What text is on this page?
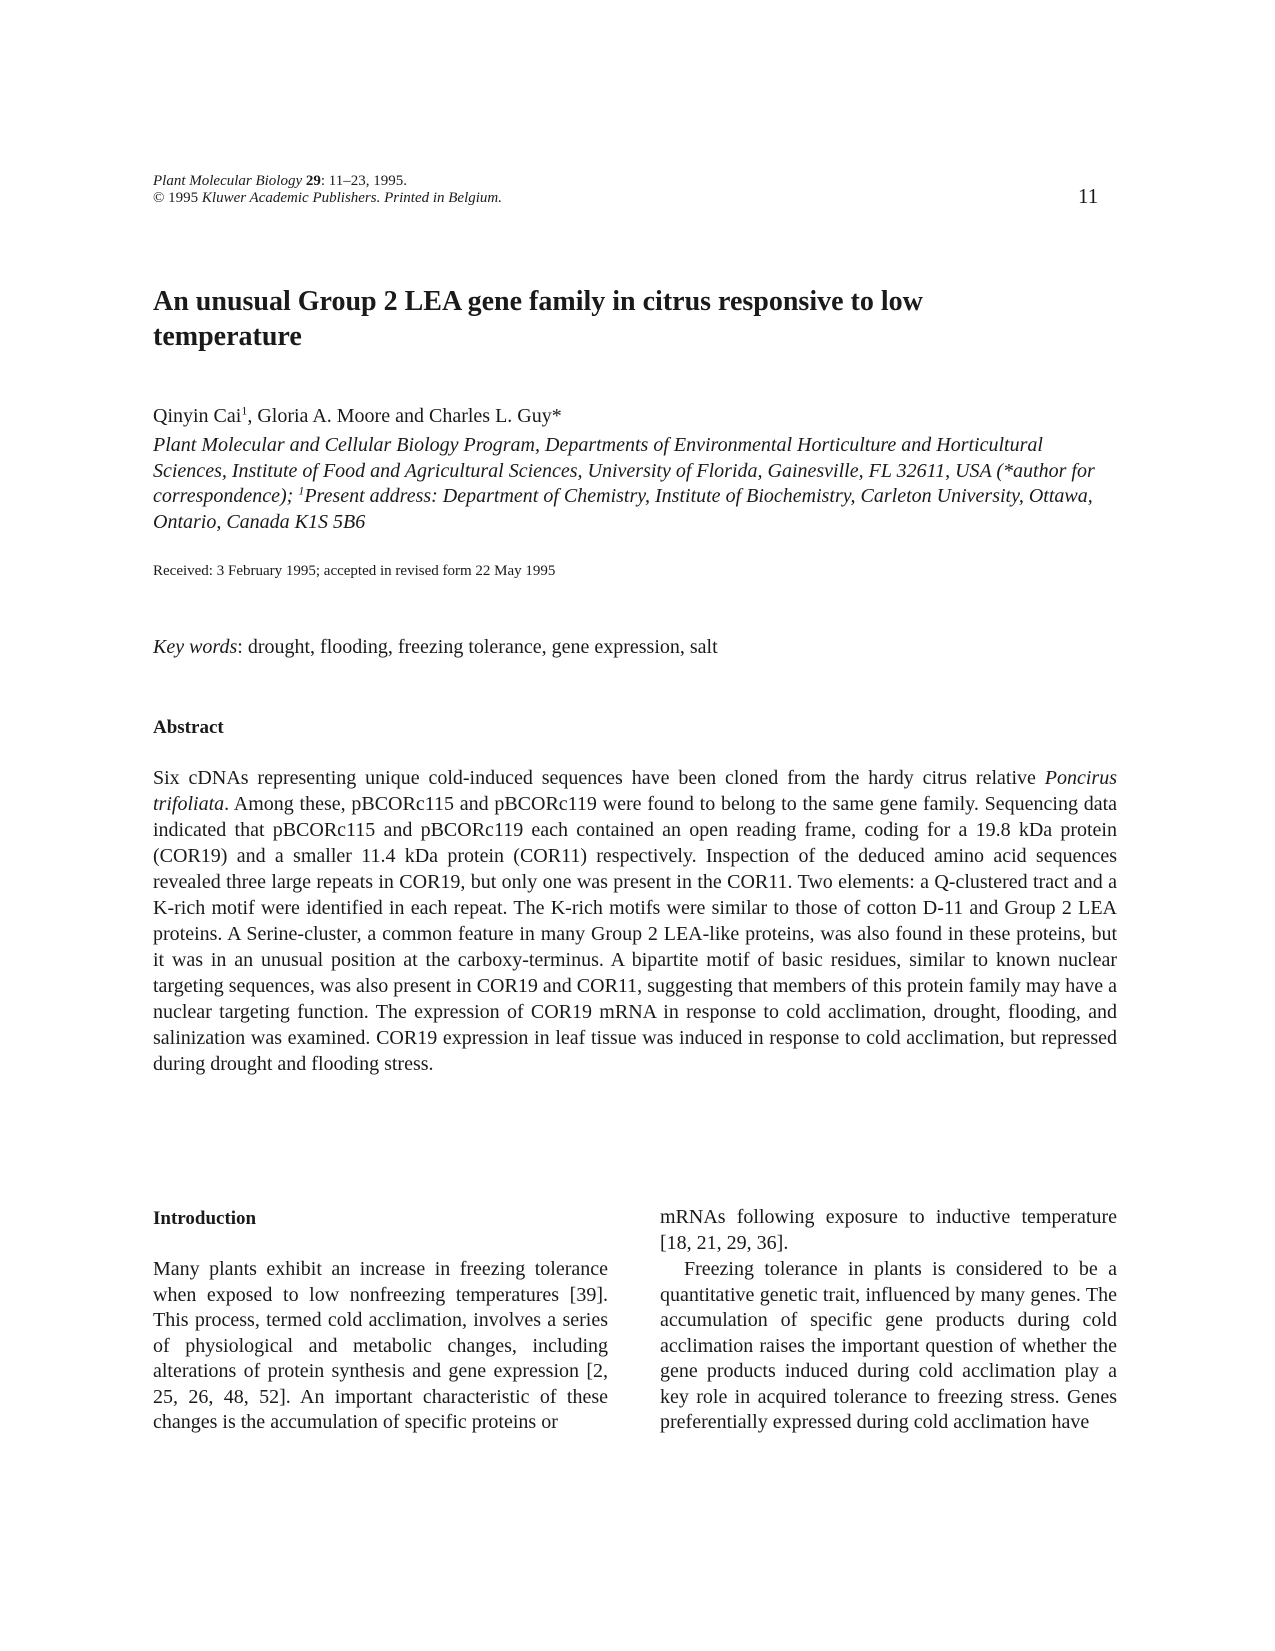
Plant Molecular Biology 29: 11–23, 1995.
© 1995 Kluwer Academic Publishers. Printed in Belgium.	11
An unusual Group 2 LEA gene family in citrus responsive to low temperature
Qinyin Cai$^1$, Gloria A. Moore and Charles L. Guy*
Plant Molecular and Cellular Biology Program, Departments of Environmental Horticulture and Horticultural Sciences, Institute of Food and Agricultural Sciences, University of Florida, Gainesville, FL 32611, USA (*author for correspondence); $^1$Present address: Department of Chemistry, Institute of Biochemistry, Carleton University, Ottawa, Ontario, Canada K1S 5B6
Received: 3 February 1995; accepted in revised form 22 May 1995
Key words: drought, flooding, freezing tolerance, gene expression, salt
Abstract

Six cDNAs representing unique cold-induced sequences have been cloned from the hardy citrus relative Poncirus trifoliata. Among these, pBCORc115 and pBCORc119 were found to belong to the same gene family. Sequencing data indicated that pBCORc115 and pBCORc119 each contained an open reading frame, coding for a 19.8 kDa protein (COR19) and a smaller 11.4 kDa protein (COR11) respectively. Inspection of the deduced amino acid sequences revealed three large repeats in COR19, but only one was present in the COR11. Two elements: a Q-clustered tract and a K-rich motif were identified in each repeat. The K-rich motifs were similar to those of cotton D-11 and Group 2 LEA proteins. A Serine-cluster, a common feature in many Group 2 LEA-like proteins, was also found in these proteins, but it was in an unusual position at the carboxy-terminus. A bipartite motif of basic residues, similar to known nuclear targeting sequences, was also present in COR19 and COR11, suggesting that members of this protein family may have a nuclear targeting function. The expression of COR19 mRNA in response to cold acclimation, drought, flooding, and salinization was examined. COR19 expression in leaf tissue was induced in response to cold acclimation, but repressed during drought and flooding stress.

Introduction

Many plants exhibit an increase in freezing tolerance when exposed to low nonfreezing temperatures [39]. This process, termed cold acclimation, involves a series of physiological and metabolic changes, including alterations of protein synthesis and gene expression [2, 25, 26, 48, 52]. An important characteristic of these changes is the accumulation of specific proteins or

mRNAs following exposure to inductive temperature [18, 21, 29, 36].

Freezing tolerance in plants is considered to be a quantitative genetic trait, influenced by many genes. The accumulation of specific gene products during cold acclimation raises the important question of whether the gene products induced during cold acclimation play a key role in acquired tolerance to freezing stress. Genes preferentially expressed during cold acclimation have
